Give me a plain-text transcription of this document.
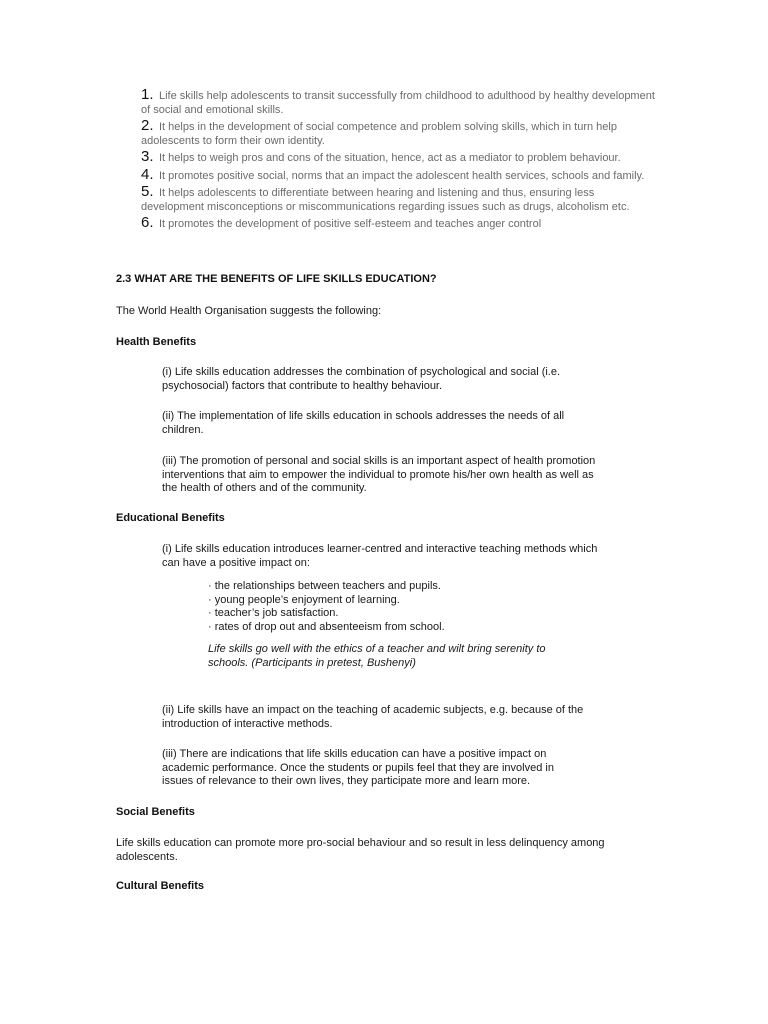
1. Life skills help adolescents to transit successfully from childhood to adulthood by healthy development of social and emotional skills.
2. It helps in the development of social competence and problem solving skills, which in turn help adolescents to form their own identity.
3. It helps to weigh pros and cons of the situation, hence, act as a mediator to problem behaviour.
4. It promotes positive social, norms that an impact the adolescent health services, schools and family.
5. It helps adolescents to differentiate between hearing and listening and thus, ensuring less development misconceptions or miscommunications regarding issues such as drugs, alcoholism etc.
6. It promotes the development of positive self-esteem and teaches anger control

2.3 WHAT ARE THE BENEFITS OF LIFE SKILLS EDUCATION?

The World Health Organisation suggests the following:

Health Benefits

(i) Life skills education addresses the combination of psychological and social (i.e. psychosocial) factors that contribute to healthy behaviour.

(ii) The implementation of life skills education in schools addresses the needs of all children.

(iii) The promotion of personal and social skills is an important aspect of health promotion interventions that aim to empower the individual to promote his/her own health as well as the health of others and of the community.

Educational Benefits

(i) Life skills education introduces learner-centred and interactive teaching methods which can have a positive impact on:

· the relationships between teachers and pupils.
· young people’s enjoyment of learning.
· teacher’s job satisfaction.
· rates of drop out and absenteeism from school.

Life skills go well with the ethics of a teacher and wilt bring serenity to schools. (Participants in pretest, Bushenyi)

(ii) Life skills have an impact on the teaching of academic subjects, e.g. because of the introduction of interactive methods.

(iii) There are indications that life skills education can have a positive impact on academic performance. Once the students or pupils feel that they are involved in issues of relevance to their own lives, they participate more and learn more.

Social Benefits

Life skills education can promote more pro-social behaviour and so result in less delinquency among adolescents.

Cultural Benefits
